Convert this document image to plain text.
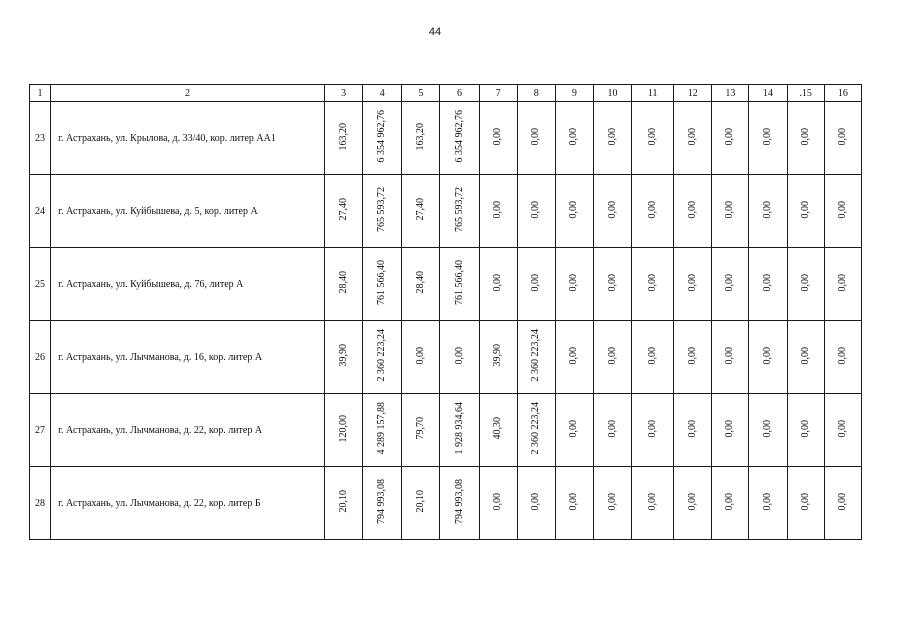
44
1	2	3	4	5	6	7	8	9	10	11	12	13	14	.15	16
23	г. Астрахань, ул. Крылова, д. 33/40, кор. литер АА1	163,20	6 354 962,76	163,20	6 354 962,76	0,00	0,00	0,00	0,00	0,00	0,00	0,00	0,00	0,00	0,00
24	г. Астрахань, ул. Куйбышева, д. 5, кор. литер А	27,40	765 593,72	27,40	765 593,72	0,00	0,00	0,00	0,00	0,00	0,00	0,00	0,00	0,00	0,00
25	г. Астрахань, ул. Куйбышева, д. 76, литер А	28,40	761 566,40	28,40	761 566,40	0,00	0,00	0,00	0,00	0,00	0,00	0,00	0,00	0,00	0,00
26	г. Астрахань, ул. Лычманова, д. 16, кор. литер А	39,90	2 360 223,24	0,00	0,00	39,90	2 360 223,24	0,00	0,00	0,00	0,00	0,00	0,00	0,00	0,00
27	г. Астрахань, ул. Лычманова, д. 22, кор. литер А	120,00	4 289 157,88	79,70	1 928 934,64	40,30	2 360 223,24	0,00	0,00	0,00	0,00	0,00	0,00	0,00	0,00
28	г. Астрахань, ул. Лычманова, д. 22, кор. литер Б	20,10	794 993,08	20,10	794 993,08	0,00	0,00	0,00	0,00	0,00	0,00	0,00	0,00	0,00	0,00
